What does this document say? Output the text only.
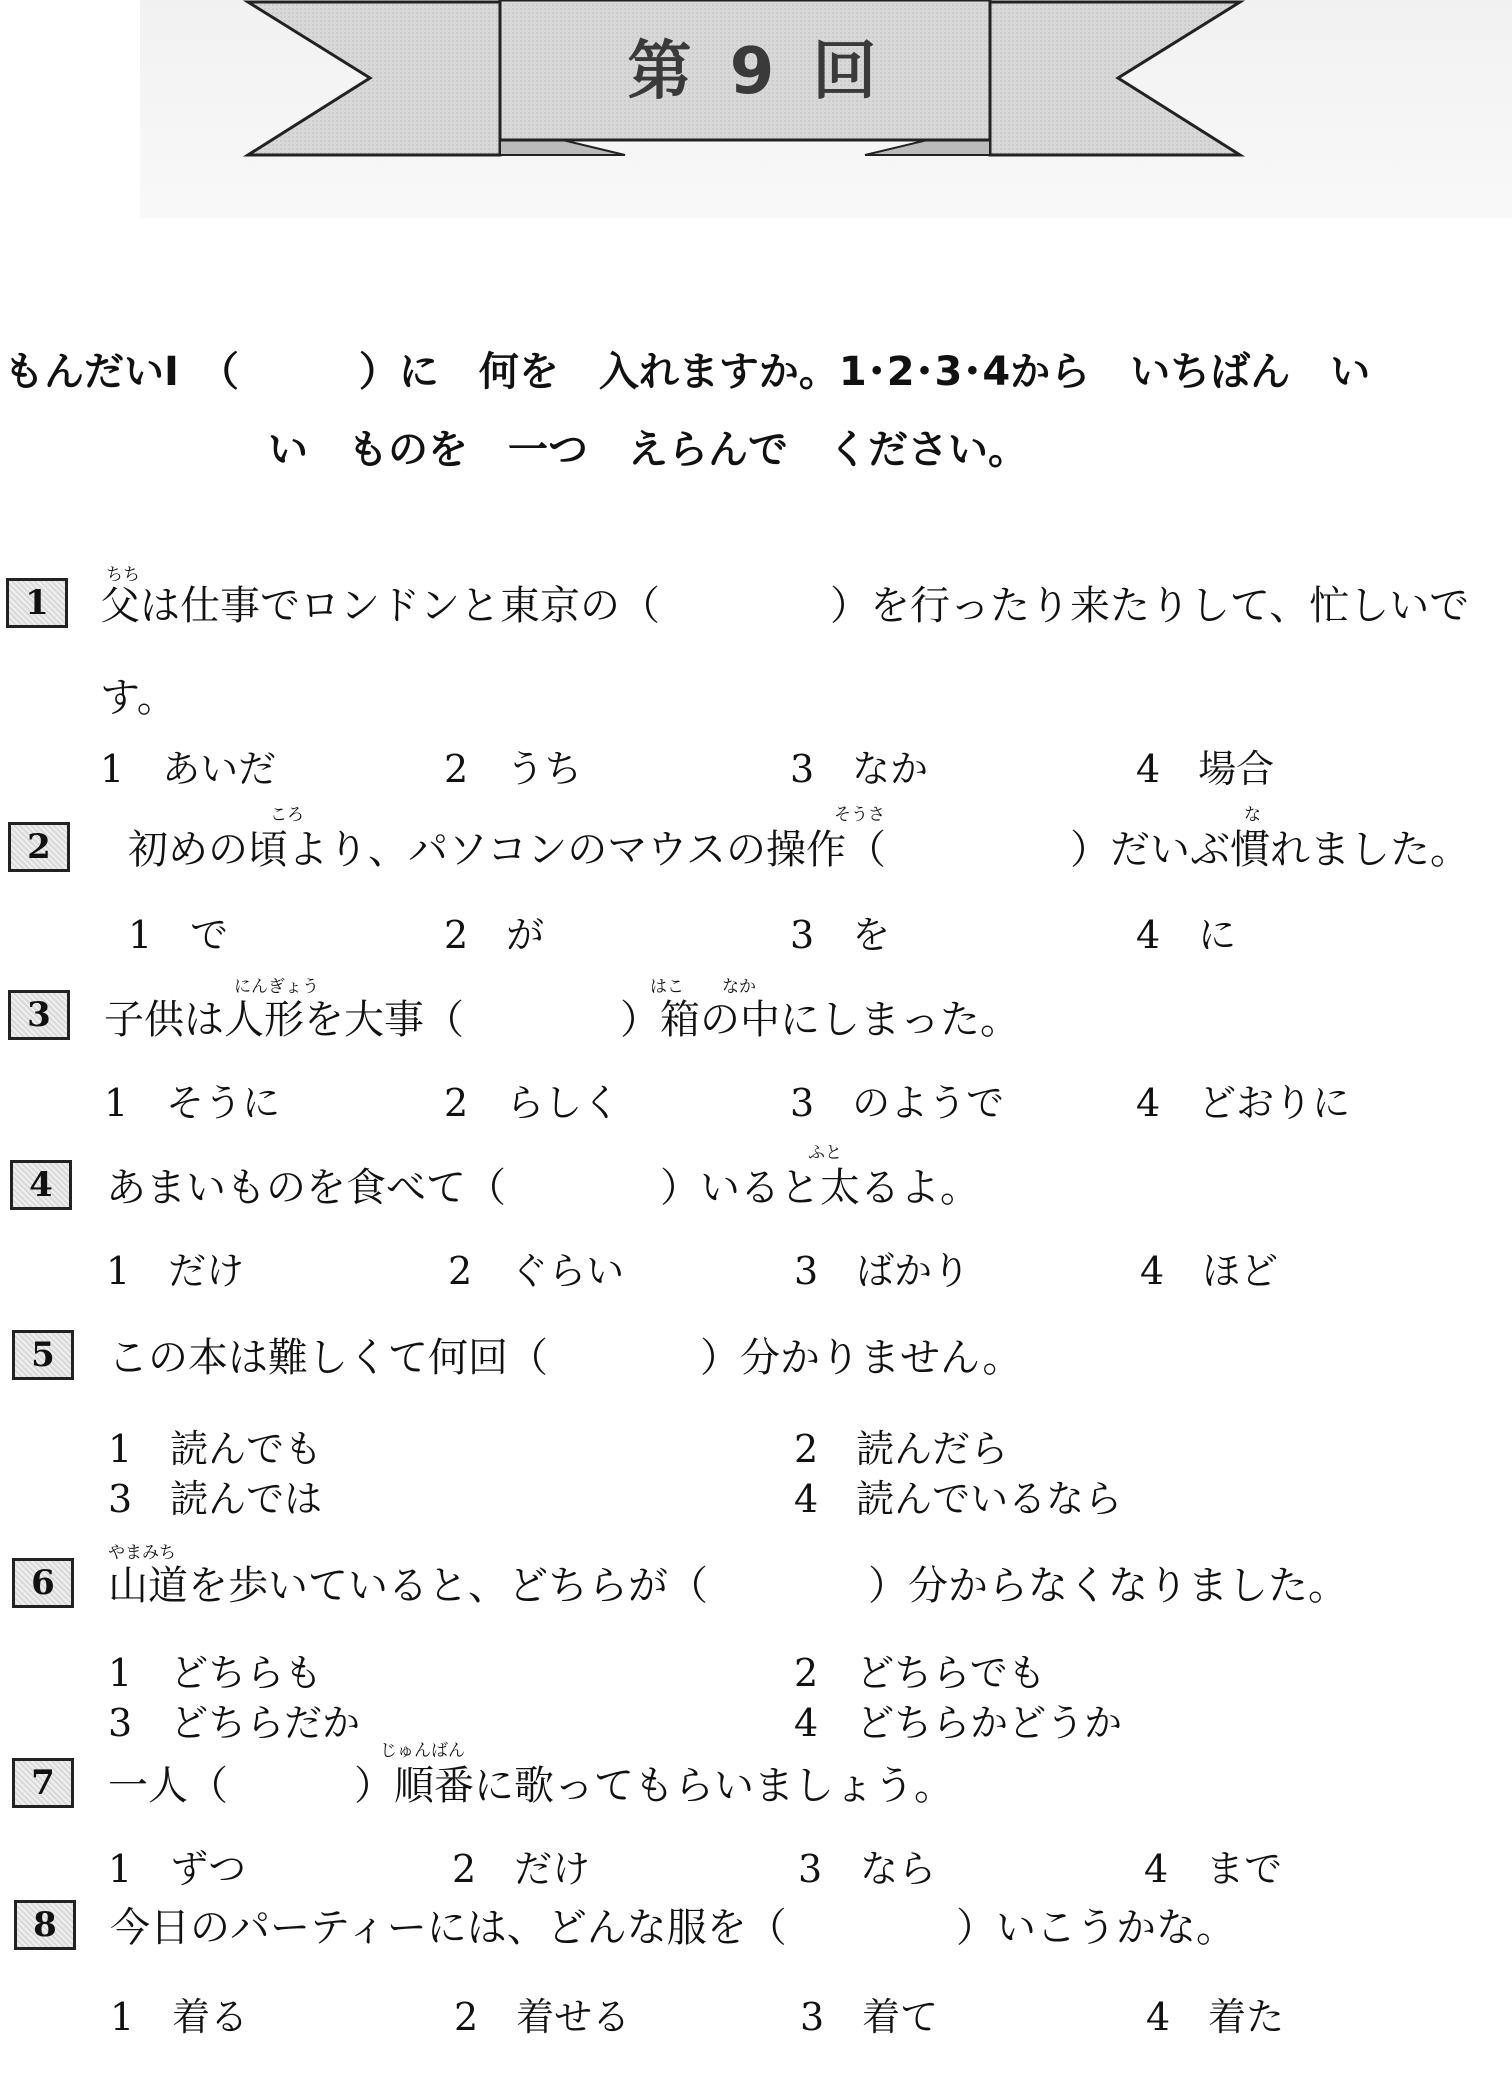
第 9 回
もんだいⅠ　（　　　）に　何を　入れますか。1･2･3･4から　いちばん　い
い　ものを　一つ　えらんで　ください。
ちち
1	父は仕事でロンドンと東京の（	）を行ったり来たりして、忙しいで
す。
1　あいだ	2　うち	3　なか	4　場合
ころ	そうさ	な
2	初めの頃より、パソコンのマウスの操作（	）だいぶ慣れました。
1　で	2　が	3　を	4　に
にんぎょう	はこ なか
3	子供は人形を大事（	）箱の中にしまった。
1　そうに	2　らしく	3　のようで	4　どおりに
ふと
4	あまいものを食べて（	）いると太るよ。
1　だけ	2　ぐらい	3　ばかり	4　ほど
5	この本は難しくて何回（	）分かりません。
1　読んでも	2　読んだら
3　読んでは	4　読んでいるなら
やまみち
6	山道を歩いていると、どちらが（	）分からなくなりました。
1　どちらも	2　どちらでも
3　どちらだか	4　どちらかどうか
じゅんばん
7	一人（	）順番に歌ってもらいましょう。
1　ずつ	2　だけ	3　なら	4　まで
8	今日のパーティーには、どんな服を（	）いこうかな。
1　着る	2　着せる	3　着て	4　着た
